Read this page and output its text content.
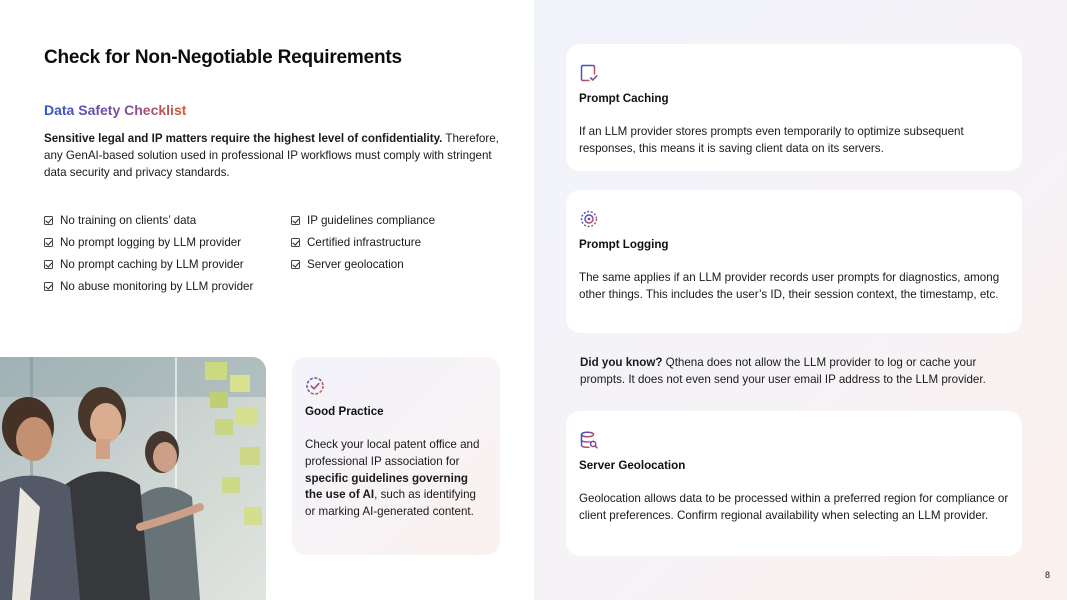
Check for Non-Negotiable Requirements
Data Safety Checklist
Sensitive legal and IP matters require the highest level of confidentiality. Therefore, any GenAI-based solution used in professional IP workflows must comply with stringent data security and privacy standards.
No training on clients’ data
No prompt logging by LLM provider
No prompt caching by LLM provider
No abuse monitoring by LLM provider
IP guidelines compliance
Certified infrastructure
Server geolocation
Good Practice

Check your local patent office and professional IP association for specific guidelines governing the use of AI, such as identifying or marking AI-generated content.

Prompt Caching

If an LLM provider stores prompts even temporarily to optimize subsequent responses, this means it is saving client data on its servers.

Prompt Logging

The same applies if an LLM provider records user prompts for diagnostics, among other things. This includes the user’s ID, their session context, the timestamp, etc.

Did you know? Qthena does not allow the LLM provider to log or cache your prompts. It does not even send your user email IP address to the LLM provider.

Server Geolocation

Geolocation allows data to be processed within a preferred region for compliance or client preferences. Confirm regional availability when selecting an LLM provider.

8
